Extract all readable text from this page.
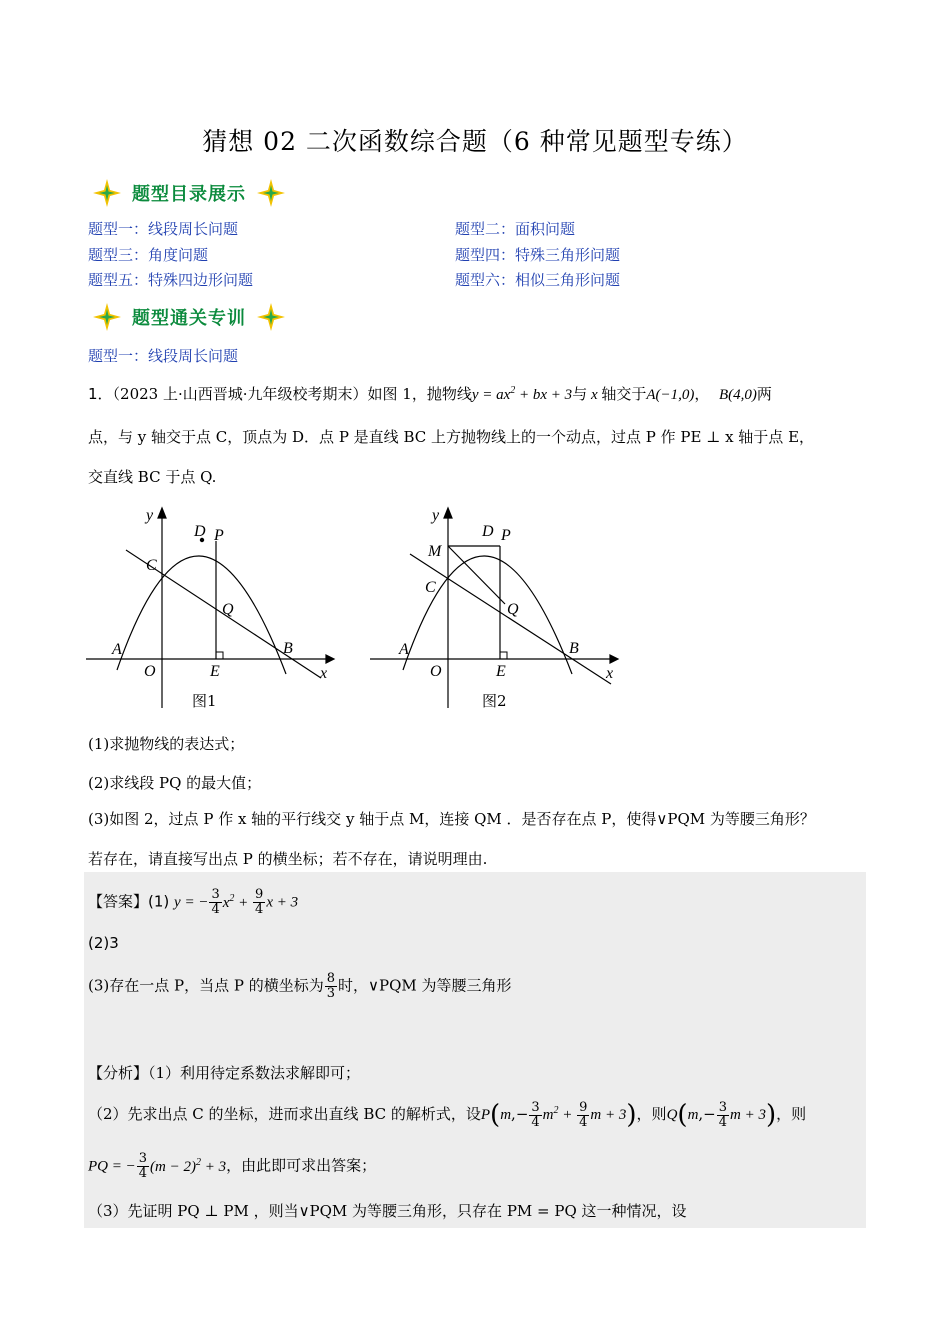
猜想 02 二次函数综合题（6 种常见题型专练）
题型目录展示
题型一：线段周长问题	题型二：面积问题
题型三：角度问题	题型四：特殊三角形问题
题型五：特殊四边形问题	题型六：相似三角形问题
题型通关专训
题型一：线段周长问题
1．（2023 上·山西晋城·九年级校考期末）如图 1，抛物线$y = ax^2$ + bx + 3与 x 轴交于A(−1,0)，  B(4,0)两
点，与 y 轴交于点 C，顶点为 D．点 P 是直线 BC 上方抛物线上的一个动点，过点 P 作 PE ⊥ x 轴于点 E，
交直线 BC 于点 Q.
y
x
O
A	B
C
D P
Q
E
图1
y
x
O
A	B
C
M
D P
Q
E
图2
(1)求抛物线的表达式；
(2)求线段 PQ 的最大值；
(3)如图 2，过点 P 作 x 轴的平行线交 y 轴于点 M，连接 QM ．是否存在点 P，使得∨PQM 为等腰三角形？
若存在，请直接写出点 P 的横坐标；若不存在，请说明理由.
【答案】(1) y = − $\frac{3}{4} x^2 + \frac{9}{4}$ x + 3
(2)3
(3)存在一点 P，当点 P 的横坐标为 $\frac{8}{3}$ 时，∨PQM 为等腰三角形
【分析】（1）利用待定系数法求解即可；
（2）先求出点 C 的坐标，进而求出直线 BC 的解析式，设$P(m,- \frac{3}{4} m^2 + \frac{9}{4}$ m + 3)，则$Q(m,- \frac{3}{4}$ m + 3)，则
PQ = − $\frac{3}{4} (m - 2)^2 + 3$，由此即可求出答案；
（3）先证明 PQ ⊥ PM ，则当∨PQM 为等腰三角形，只存在 PM = PQ 这一种情况，设
